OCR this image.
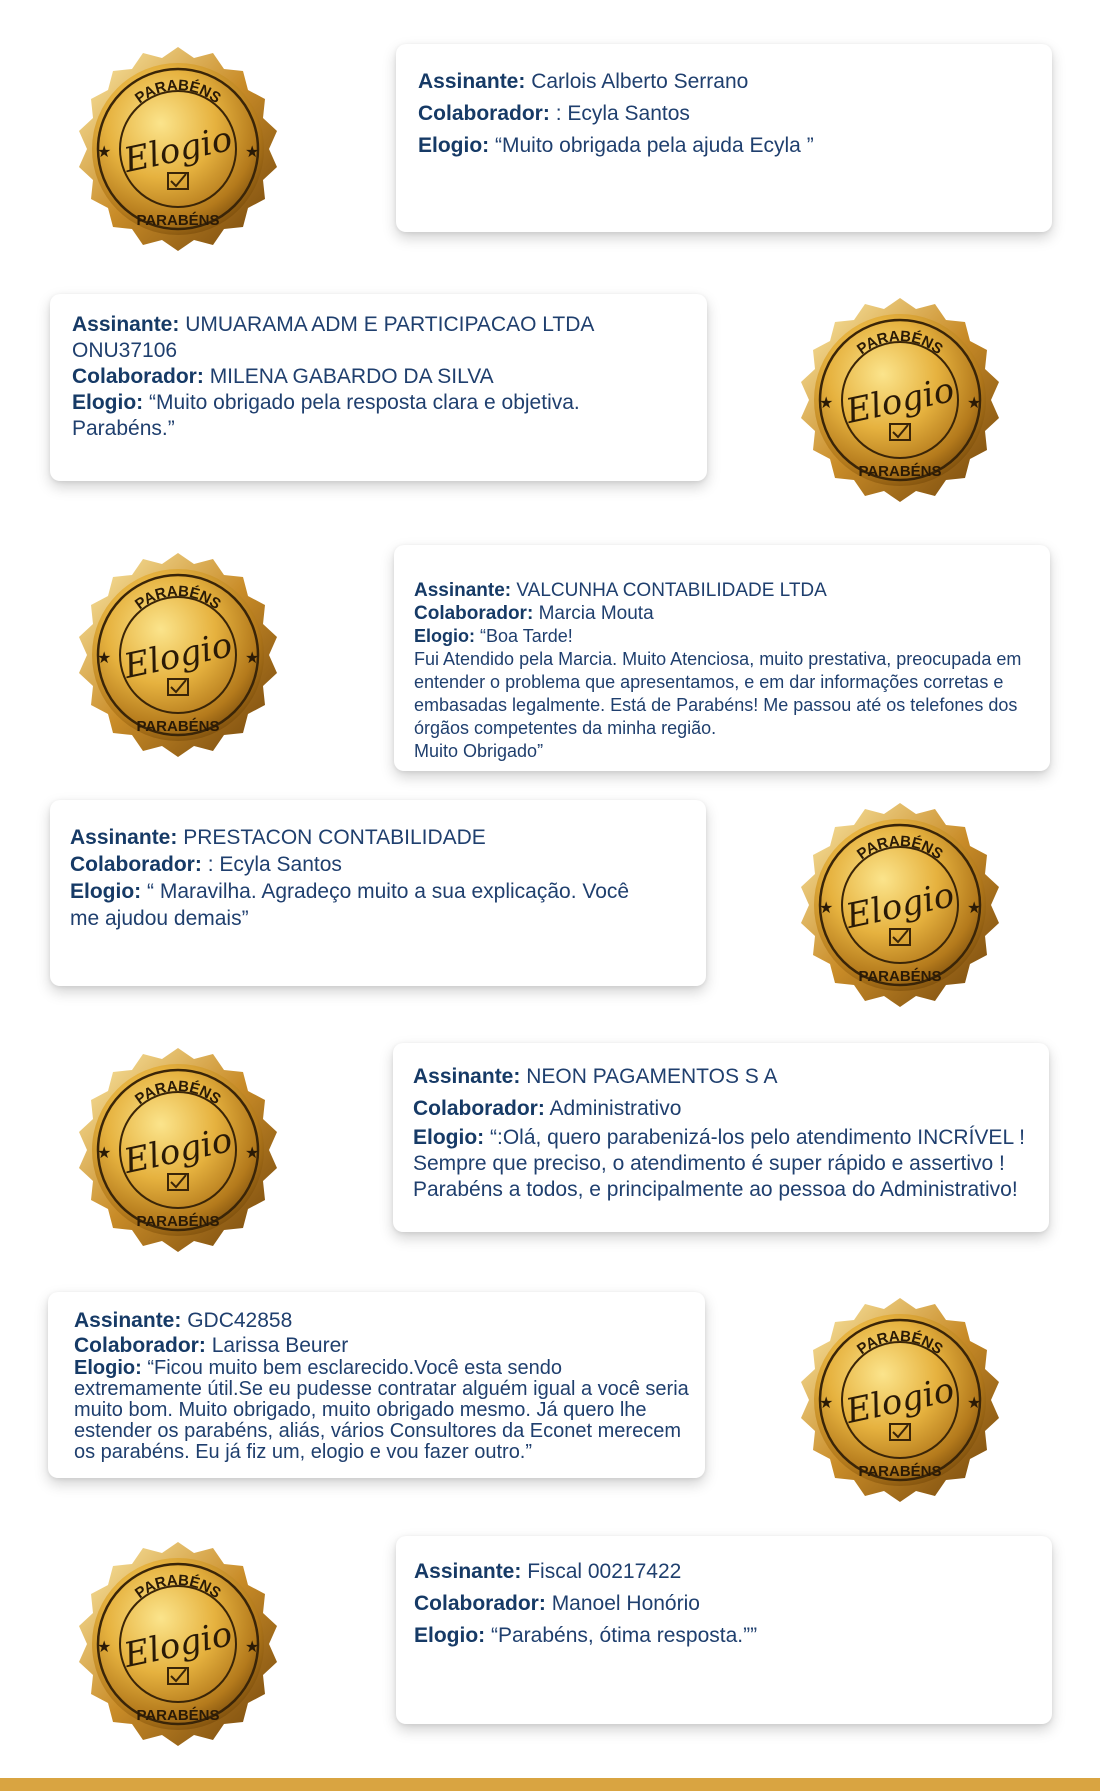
PARABÉNS
PARABÉNS
Elogio
★	★

Assinante: Carlois Alberto Serrano

Colaborador: : Ecyla Santos

Elogio: “Muito obrigada pela ajuda Ecyla ”

Assinante: UMUARAMA ADM E PARTICIPACAO LTDA ONU37106

Colaborador: MILENA GABARDO DA SILVA

Elogio: “Muito obrigado pela resposta clara e objetiva. Parabéns.”

PARABÉNS
PARABÉNS
Elogio
★	★
PARABÉNS
PARABÉNS
Elogio
★	★

Assinante: VALCUNHA CONTABILIDADE LTDA

Colaborador: Marcia Mouta

Elogio: “Boa Tarde!

Fui Atendido pela Marcia. Muito Atenciosa, muito prestativa, preocupada em entender o problema que apresentamos, e em dar informações corretas e embasadas legalmente. Está de Parabéns! Me passou até os telefones dos órgãos competentes da minha região.

Muito Obrigado”

Assinante: PRESTACON CONTABILIDADE

Colaborador: : Ecyla Santos

Elogio: “ Maravilha. Agradeço muito a sua explicação. Você me ajudou demais”

PARABÉNS
PARABÉNS
Elogio
★	★
PARABÉNS
PARABÉNS
Elogio
★	★

Assinante: NEON PAGAMENTOS S A

Colaborador: Administrativo

Elogio: “:Olá, quero parabenizá-los pelo atendimento INCRÍVEL ! Sempre que preciso, o atendimento é super rápido e assertivo ! Parabéns a todos, e principalmente ao pessoa do Administrativo!

Assinante: GDC42858

Colaborador: Larissa Beurer

Elogio: “Ficou muito bem esclarecido.Você esta sendo extremamente útil.Se eu pudesse contratar alguém igual a você seria muito bom. Muito obrigado, muito obrigado mesmo. Já quero lhe estender os parabéns, aliás, vários Consultores da Econet merecem os parabéns. Eu já fiz um, elogio e vou fazer outro.”

PARABÉNS
PARABÉNS
Elogio
★	★
PARABÉNS
PARABÉNS
Elogio
★	★

Assinante: Fiscal 00217422

Colaborador: Manoel Honório

Elogio: “Parabéns, ótima resposta.””
